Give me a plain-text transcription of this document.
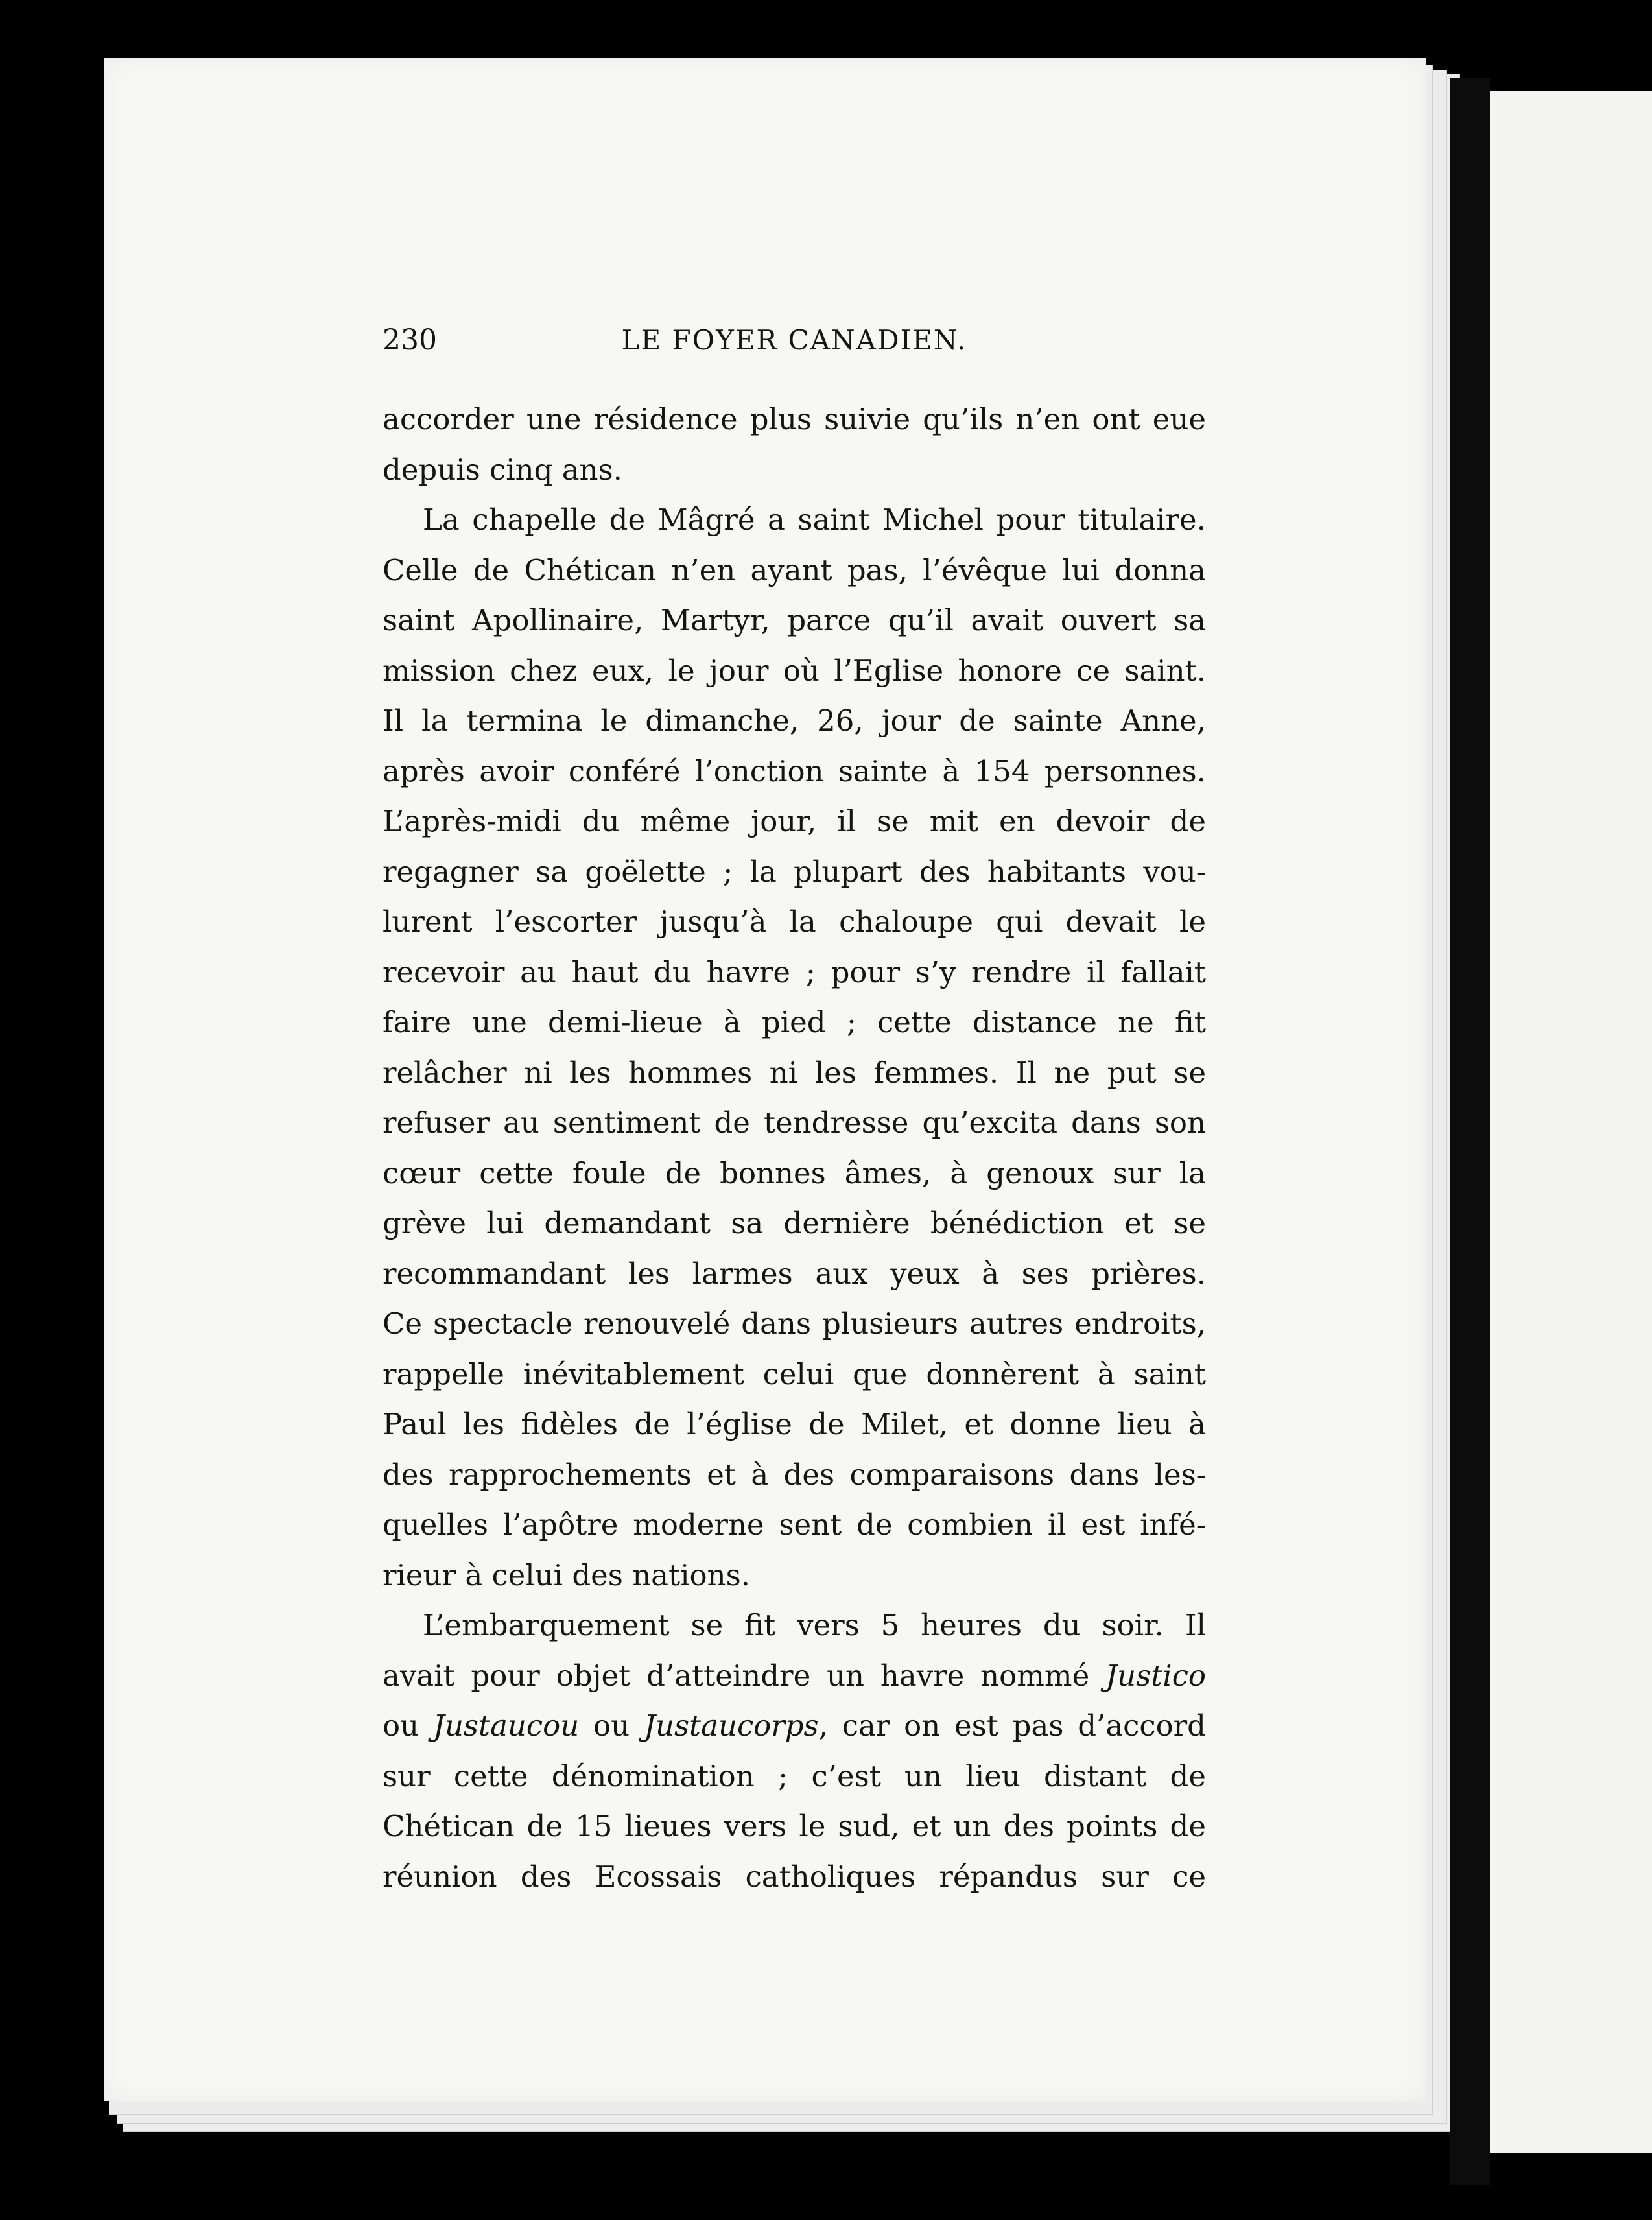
230	LE FOYER CANADIEN.
accorder une résidence plus suivie qu’ils n’en ont eue
depuis cinq ans.
La chapelle de Mâgré a saint Michel pour titulaire.
Celle de Chétican n’en ayant pas, l’évêque lui donna
saint Apollinaire, Martyr, parce qu’il avait ouvert sa
mission chez eux, le jour où l’Eglise honore ce saint.
Il la termina le dimanche, 26, jour de sainte Anne,
après avoir conféré l’onction sainte à 154 personnes.
L’après-midi du même jour, il se mit en devoir de
regagner sa goëlette ; la plupart des habitants vou-
lurent l’escorter jusqu’à la chaloupe qui devait le
recevoir au haut du havre ; pour s’y rendre il fallait
faire une demi-lieue à pied ; cette distance ne fit
relâcher ni les hommes ni les femmes. Il ne put se
refuser au sentiment de tendresse qu’excita dans son
cœur cette foule de bonnes âmes, à genoux sur la
grève lui demandant sa dernière bénédiction et se
recommandant les larmes aux yeux à ses prières.
Ce spectacle renouvelé dans plusieurs autres endroits,
rappelle inévitablement celui que donnèrent à saint
Paul les fidèles de l’église de Milet, et donne lieu à
des rapprochements et à des comparaisons dans les-
quelles l’apôtre moderne sent de combien il est infé-
rieur à celui des nations.
L’embarquement se fit vers 5 heures du soir. Il
avait pour objet d’atteindre un havre nommé Justico
ou Justaucou ou Justaucorps, car on est pas d’accord
sur cette dénomination ; c’est un lieu distant de
Chétican de 15 lieues vers le sud, et un des points de
réunion des Ecossais catholiques répandus sur ce
